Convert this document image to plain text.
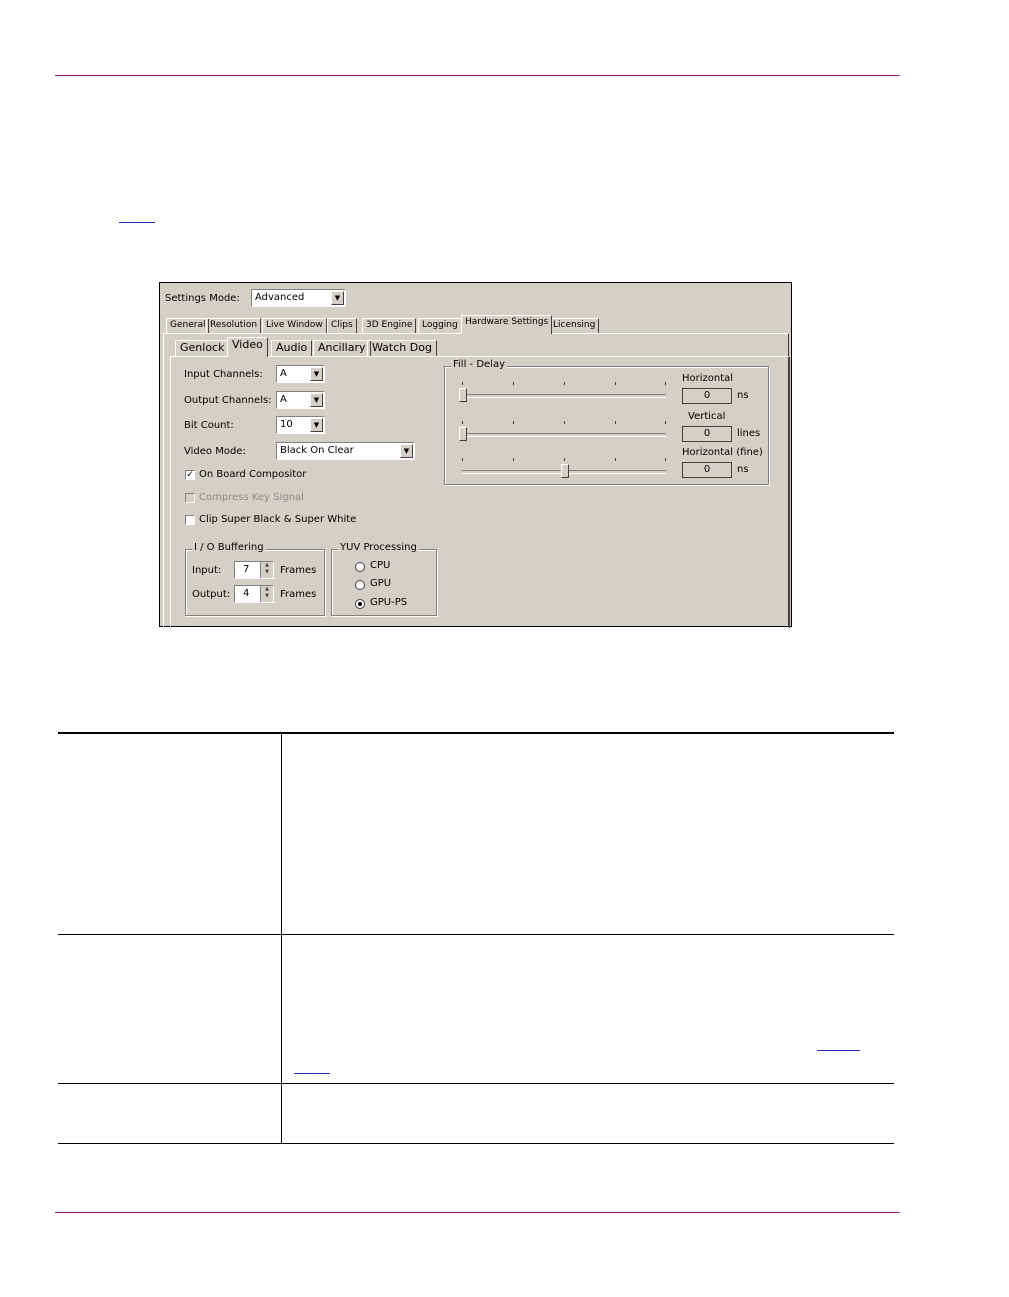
Settings Mode:	Advanced	▼
General Resolution Live Window Clips	3D Engine	Logging Hardware Settings Licensing
Genlock Video	Audio Ancillary Watch Dog
Input Channels:	A	▼
Output Channels: A	▼
Bit Count:	10	▼
Video Mode:	Black On Clear	▼
✓ On Board Compositor
Compress Key Signal
Clip Super Black & Super White
I / O Buffering
Input:	7	▲
▼	Frames
Output:	4	▲
▼	Frames
YUV Processing
CPU
GPU
GPU-PS
Fill - Delay
Horizontal
0	ns
Vertical
0	lines
Horizontal (fine)
0	ns
